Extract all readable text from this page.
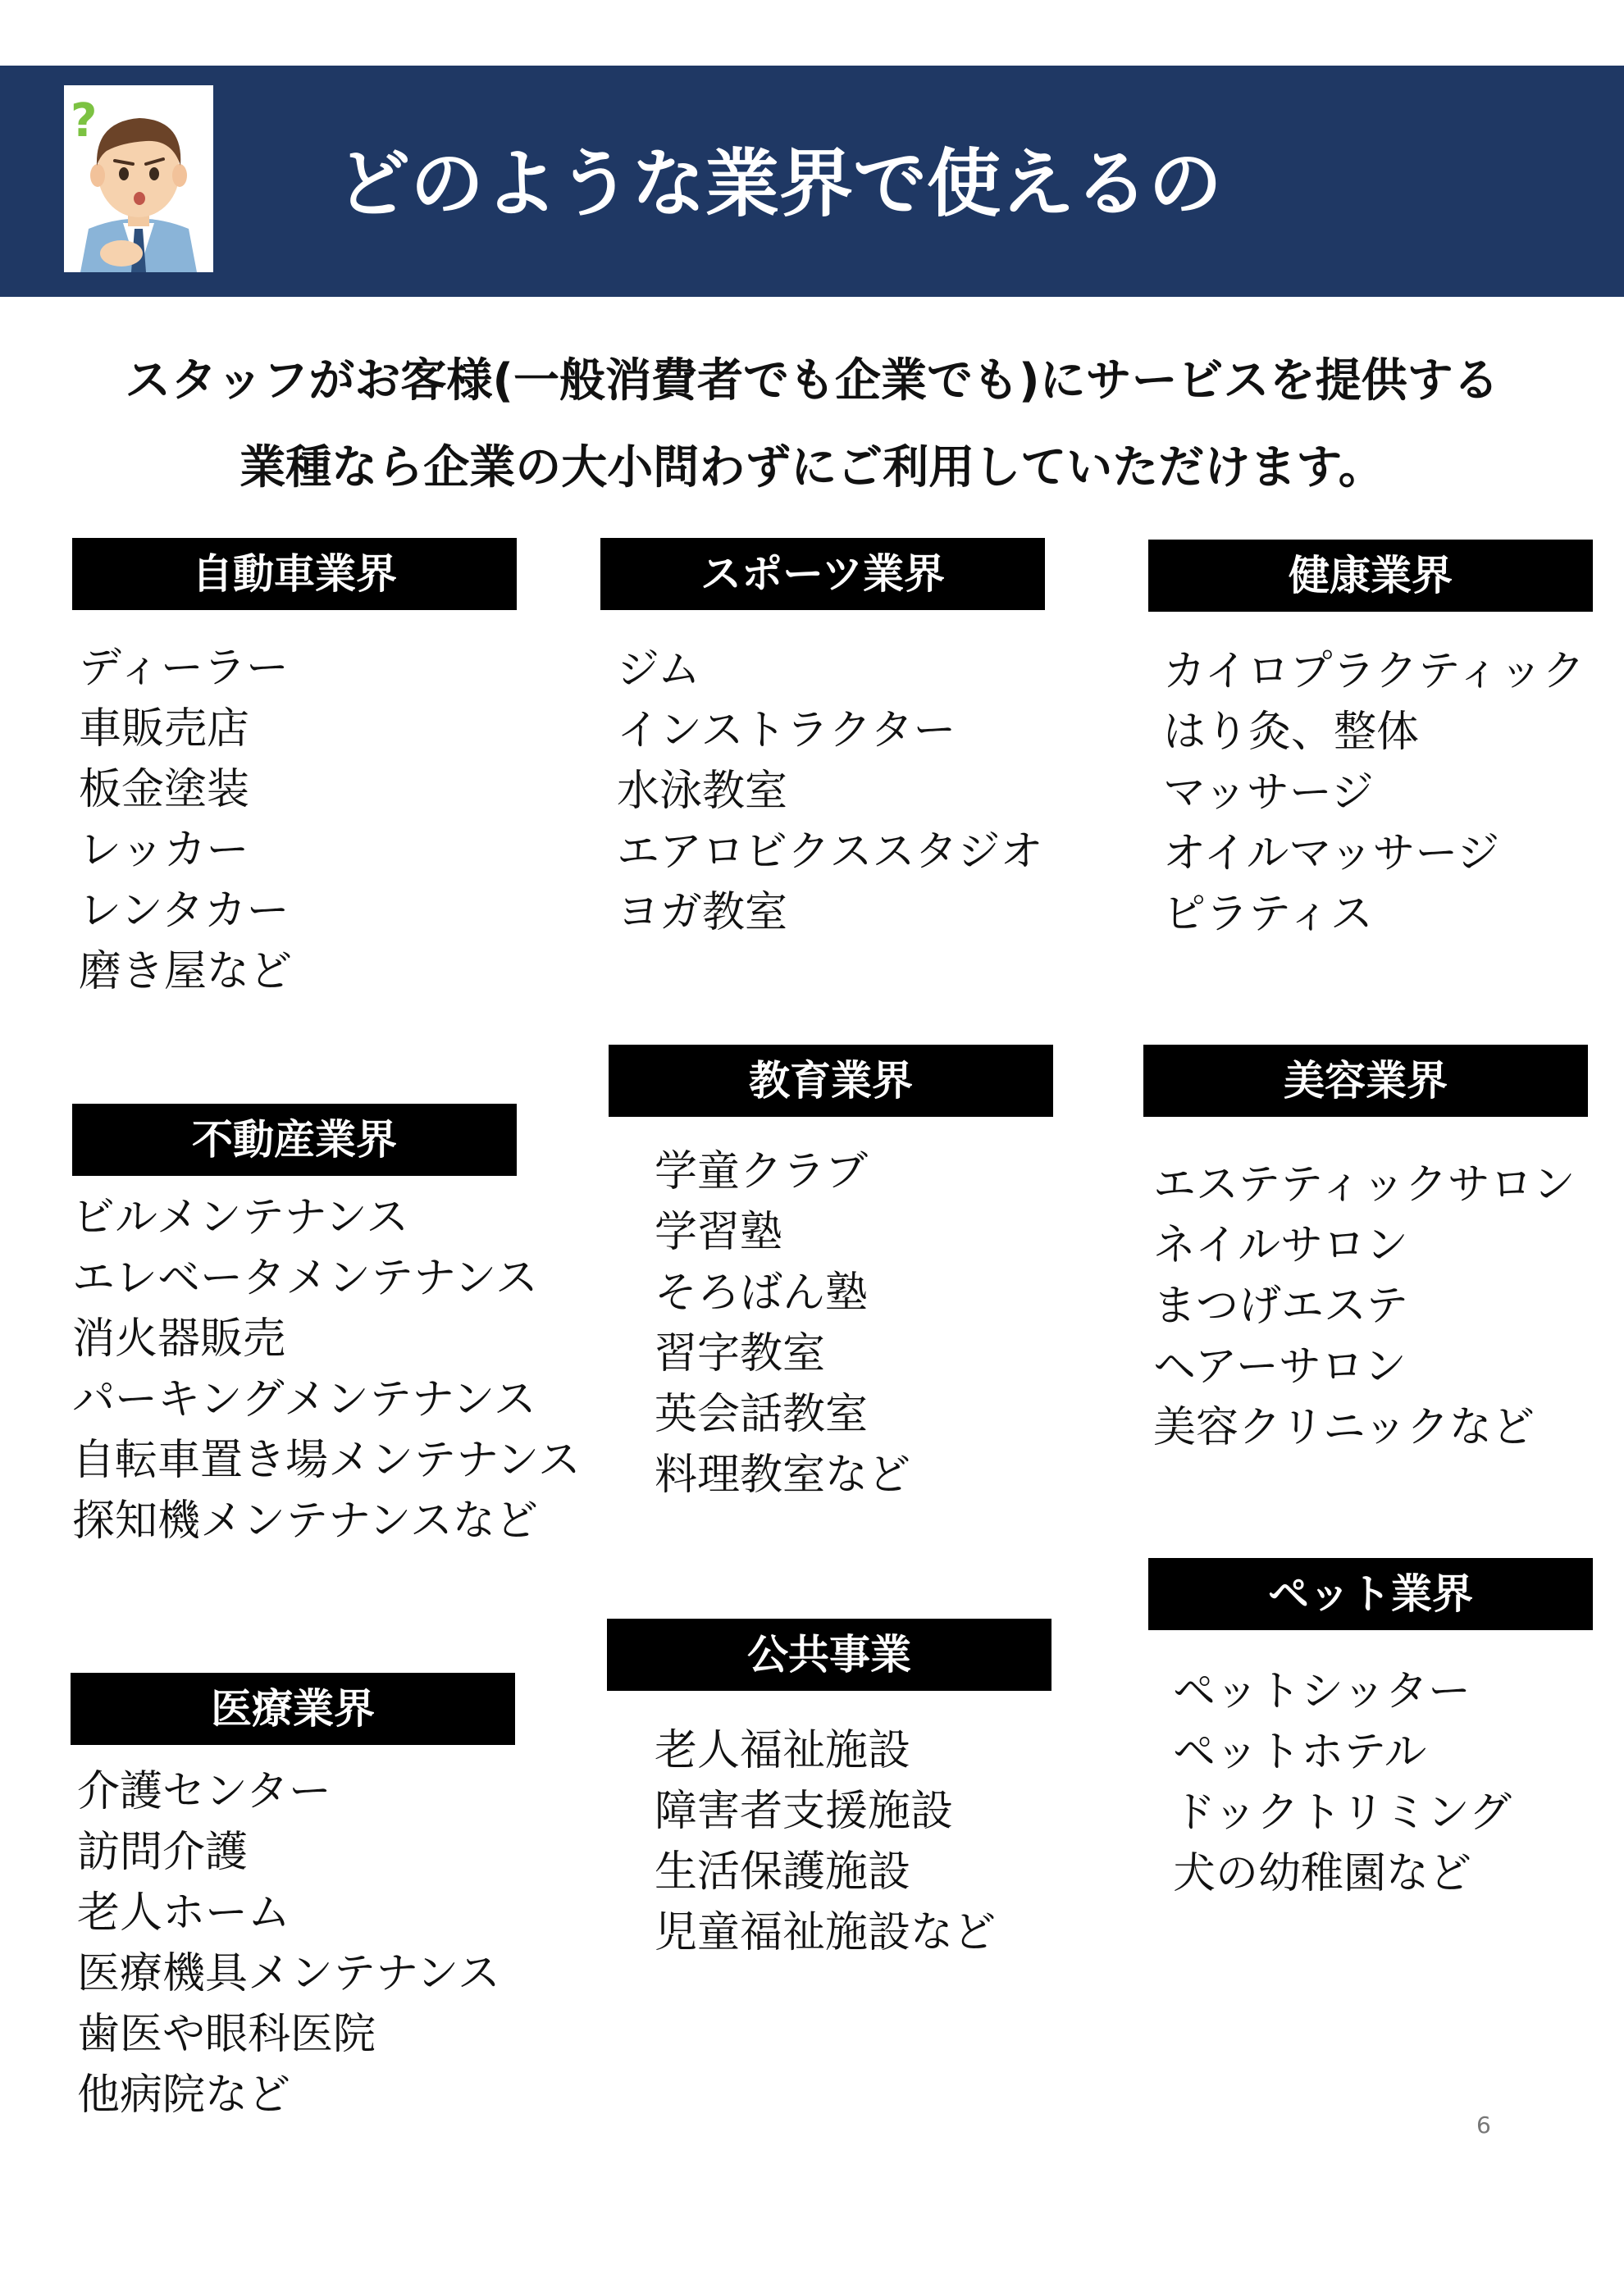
?
どのような業界で使えるの
スタッフがお客様(一般消費者でも企業でも)にサービスを提供する
業種なら企業の大小問わずにご利用していただけます。
自動車業界
ディーラー
車販売店
板金塗装
レッカー
レンタカー
磨き屋など
不動産業界
ビルメンテナンス
エレベータメンテナンス
消火器販売
パーキングメンテナンス
自転車置き場メンテナンス
探知機メンテナンスなど
医療業界
介護センター
訪問介護
老人ホーム
医療機具メンテナンス
歯医や眼科医院
他病院など
スポーツ業界
ジム
インストラクター
水泳教室
エアロビクススタジオ
ヨガ教室
教育業界
学童クラブ
学習塾
そろばん塾
習字教室
英会話教室
料理教室など
公共事業
老人福祉施設
障害者支援施設
生活保護施設
児童福祉施設など
健康業界
カイロプラクティック
はり灸、整体
マッサージ
オイルマッサージ
ピラティス
美容業界
エステティックサロン
ネイルサロン
まつげエステ
ヘアーサロン
美容クリニックなど
ペット業界
ペットシッター
ペットホテル
ドックトリミング
犬の幼稚園など
6
